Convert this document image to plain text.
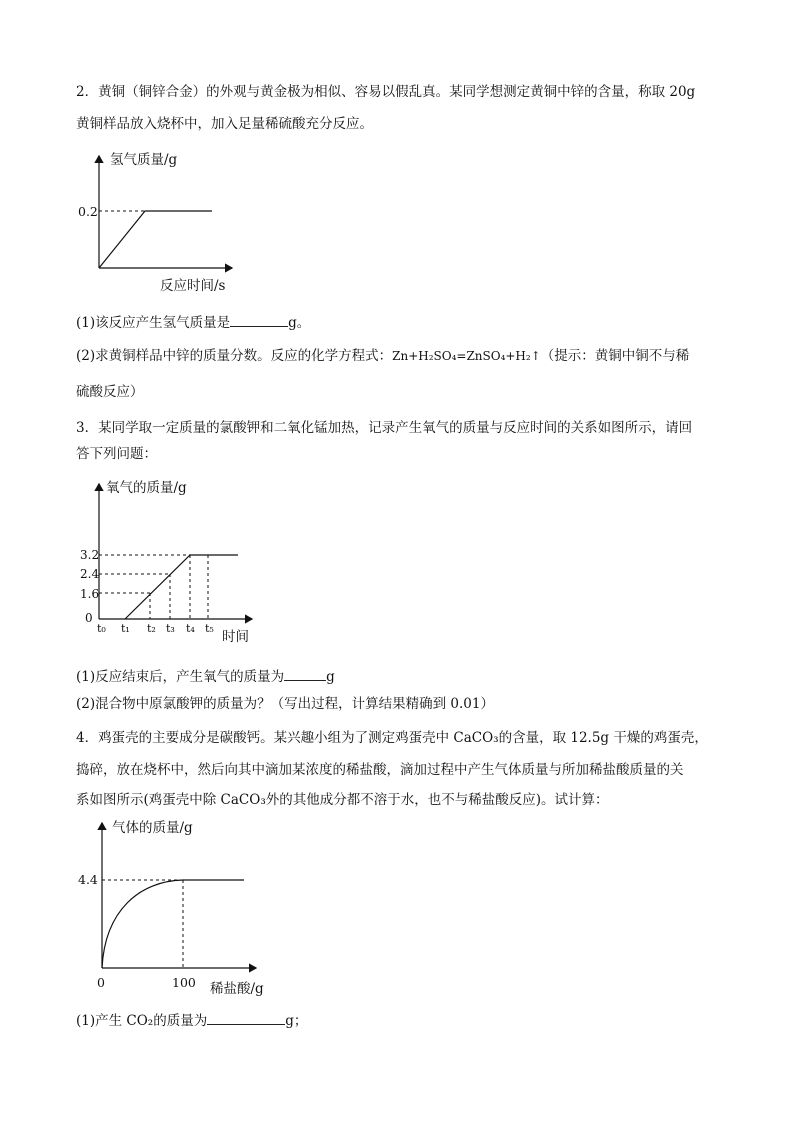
2．黄铜（铜锌合金）的外观与黄金极为相似、容易以假乱真。某同学想测定黄铜中锌的含量，称取 20g
黄铜样品放入烧杯中，加入足量稀硫酸充分反应。
氢气质量/g
0.2
反应时间/s
(1)该反应产生氢气质量是	g。
(2)求黄铜样品中锌的质量分数。反应的化学方程式：Zn+H₂SO₄=ZnSO₄+H₂↑（提示：黄铜中铜不与稀
硫酸反应）
3．某同学取一定质量的氯酸钾和二氧化锰加热，记录产生氧气的质量与反应时间的关系如图所示，请回
答下列问题：
氧气的质量/g
3.2
2.4
1.6
0
t₀ t₁ t₂ t₃ t₄ t₅
时间
(1)反应结束后，产生氧气的质量为	g
(2)混合物中原氯酸钾的质量为？（写出过程，计算结果精确到 0.01）
4．鸡蛋壳的主要成分是碳酸钙。某兴趣小组为了测定鸡蛋壳中 CaCO₃的含量，取 12.5g 干燥的鸡蛋壳，
捣碎，放在烧杯中，然后向其中滴加某浓度的稀盐酸，滴加过程中产生气体质量与所加稀盐酸质量的关
系如图所示(鸡蛋壳中除 CaCO₃外的其他成分都不溶于水，也不与稀盐酸反应)。试计算：
气体的质量/g
4.4
0	100 稀盐酸/g
(1)产生 CO₂的质量为	g；
